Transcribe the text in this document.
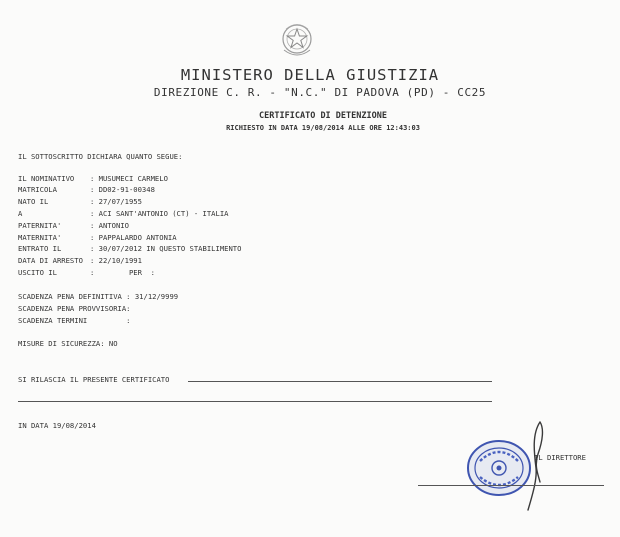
MINISTERO DELLA GIUSTIZIA
DIREZIONE C. R. - "N.C." DI PADOVA (PD) - CC25
CERTIFICATO DI DETENZIONE
RICHIESTO IN DATA 19/08/2014 ALLE ORE 12:43:03
IL SOTTOSCRITTO DICHIARA QUANTO SEGUE:
IL NOMINATIVO : MUSUMECI CARMELO
MATRICOLA	: DD02-91-00348
NATO IL	: 27/07/1955
A	: ACI SANT'ANTONIO (CT) - ITALIA
PATERNITA'	: ANTONIO
MATERNITA'	: PAPPALARDO ANTONIA
ENTRATO IL	: 30/07/2012 IN QUESTO STABILIMENTO
DATA DI ARRESTO : 22/10/1991
USCITO IL	:        PER  :
SCADENZA PENA DEFINITIVA : 31/12/9999
SCADENZA PENA PROVVISORIA:
SCADENZA TERMINI         :
MISURE DI SICUREZZA: NO
SI RILASCIA IL PRESENTE CERTIFICATO
IN DATA 19/08/2014
IL DIRETTORE
